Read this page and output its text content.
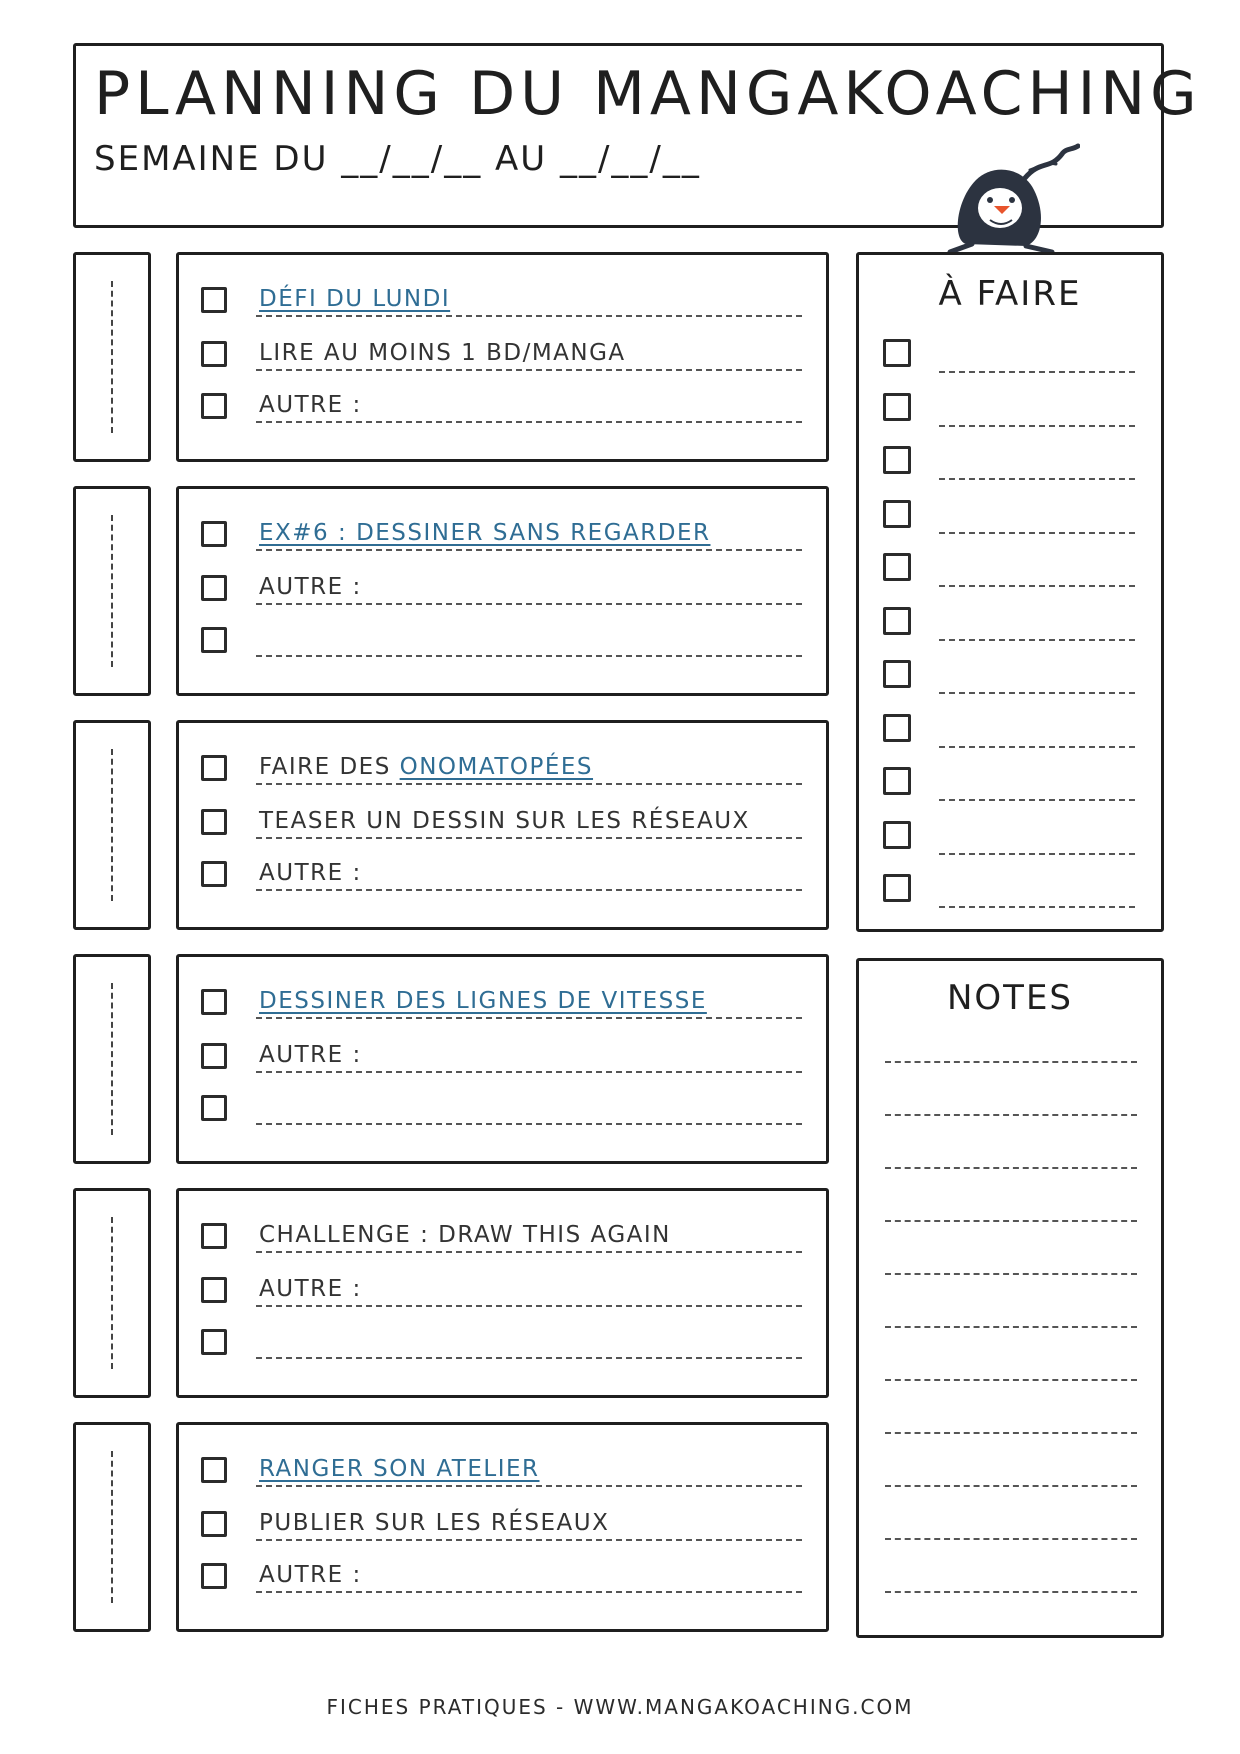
PLANNING DU MANGAKOACHING
SEMAINE DU __/__/__ AU __/__/__
DÉFI DU LUNDI
LIRE AU MOINS 1 BD/MANGA
AUTRE :
EX#6 : DESSINER SANS REGARDER
AUTRE :
FAIRE DES ONOMATOPÉES
TEASER UN DESSIN SUR LES RÉSEAUX
AUTRE :
DESSINER DES LIGNES DE VITESSE
AUTRE :
CHALLENGE : DRAW THIS AGAIN
AUTRE :
RANGER SON ATELIER
PUBLIER SUR LES RÉSEAUX
AUTRE :
À FAIRE
NOTES
FICHES PRATIQUES - WWW.MANGAKOACHING.COM
